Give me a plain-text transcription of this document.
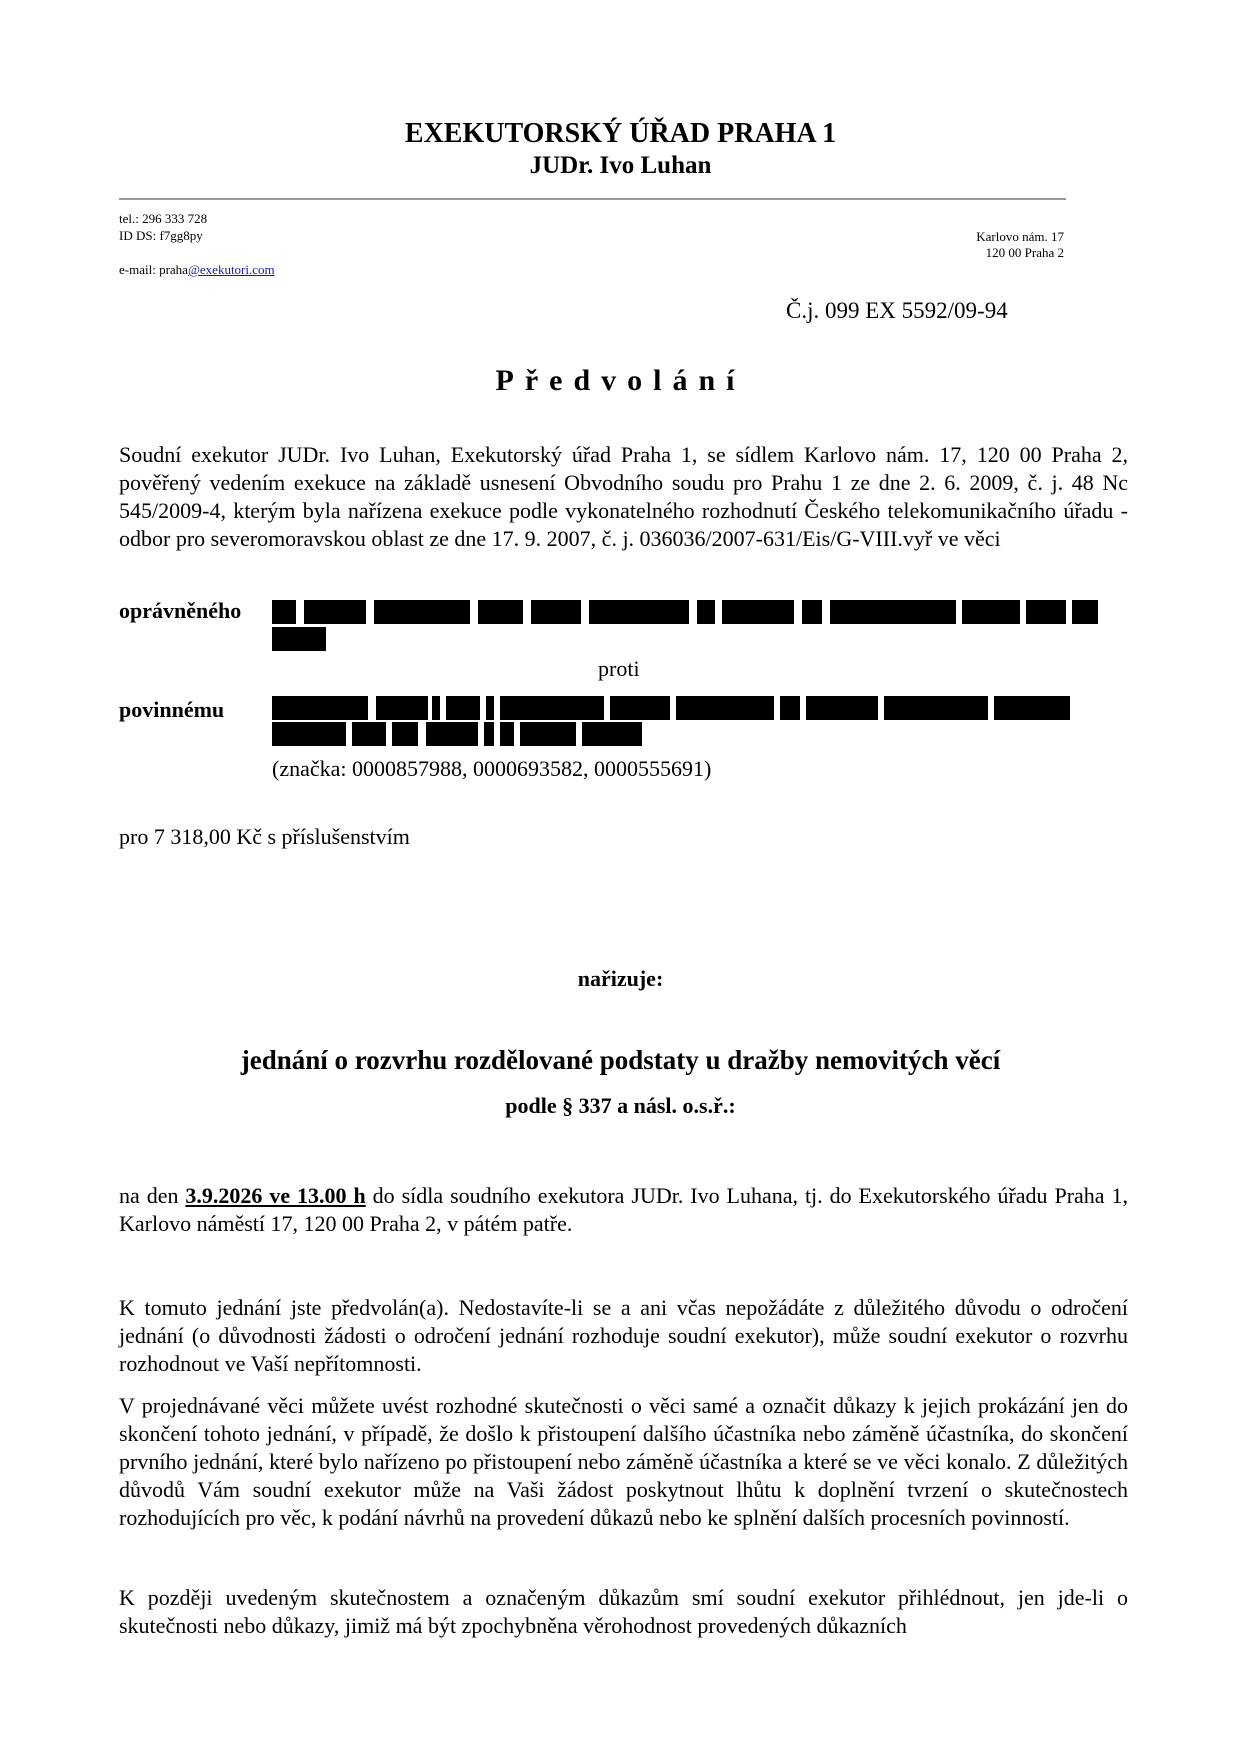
EXEKUTORSKÝ ÚŘAD PRAHA 1
JUDr. Ivo Luhan
tel.: 296 333 728
ID DS: f7gg8py
e-mail: praha@exekutori.com
Karlovo nám. 17
120 00 Praha 2
Č.j. 099 EX 5592/09-94
Předvolání
Soudní exekutor JUDr. Ivo Luhan, Exekutorský úřad Praha 1, se sídlem Karlovo nám. 17, 120 00 Praha 2, pověřený vedením exekuce na základě usnesení Obvodního soudu pro Prahu 1 ze dne 2. 6. 2009, č. j. 48 Nc 545/2009-4, kterým byla nařízena exekuce podle vykonatelného rozhodnutí Českého telekomunikačního úřadu - odbor pro severomoravskou oblast ze dne 17. 9. 2007, č. j. 036036/2007-631/Eis/G-VIII.vyř ve věci
oprávněného
proti
povinnému
(značka: 0000857988, 0000693582, 0000555691)
pro 7 318,00 Kč s příslušenstvím
nařizuje:
jednání o rozvrhu rozdělované podstaty u dražby nemovitých věcí
podle § 337 a násl. o.s.ř.:
na den 3.9.2026 ve 13.00 h do sídla soudního exekutora JUDr. Ivo Luhana, tj. do Exekutorského úřadu Praha 1, Karlovo náměstí 17, 120 00 Praha 2, v pátém patře.
K tomuto jednání jste předvolán(a). Nedostavíte-li se a ani včas nepožádáte z důležitého důvodu o odročení jednání (o důvodnosti žádosti o odročení jednání rozhoduje soudní exekutor), může soudní exekutor o rozvrhu rozhodnout ve Vaší nepřítomnosti.
V projednávané věci můžete uvést rozhodné skutečnosti o věci samé a označit důkazy k jejich prokázání jen do skončení tohoto jednání, v případě, že došlo k přistoupení dalšího účastníka nebo záměně účastníka, do skončení prvního jednání, které bylo nařízeno po přistoupení nebo záměně účastníka a které se ve věci konalo. Z důležitých důvodů Vám soudní exekutor může na Vaši žádost poskytnout lhůtu k doplnění tvrzení o skutečnostech rozhodujících pro věc, k podání návrhů na provedení důkazů nebo ke splnění dalších procesních povinností.
K později uvedeným skutečnostem a označeným důkazům smí soudní exekutor přihlédnout, jen jde-li o skutečnosti nebo důkazy, jimiž má být zpochybněna věrohodnost provedených důkazních
